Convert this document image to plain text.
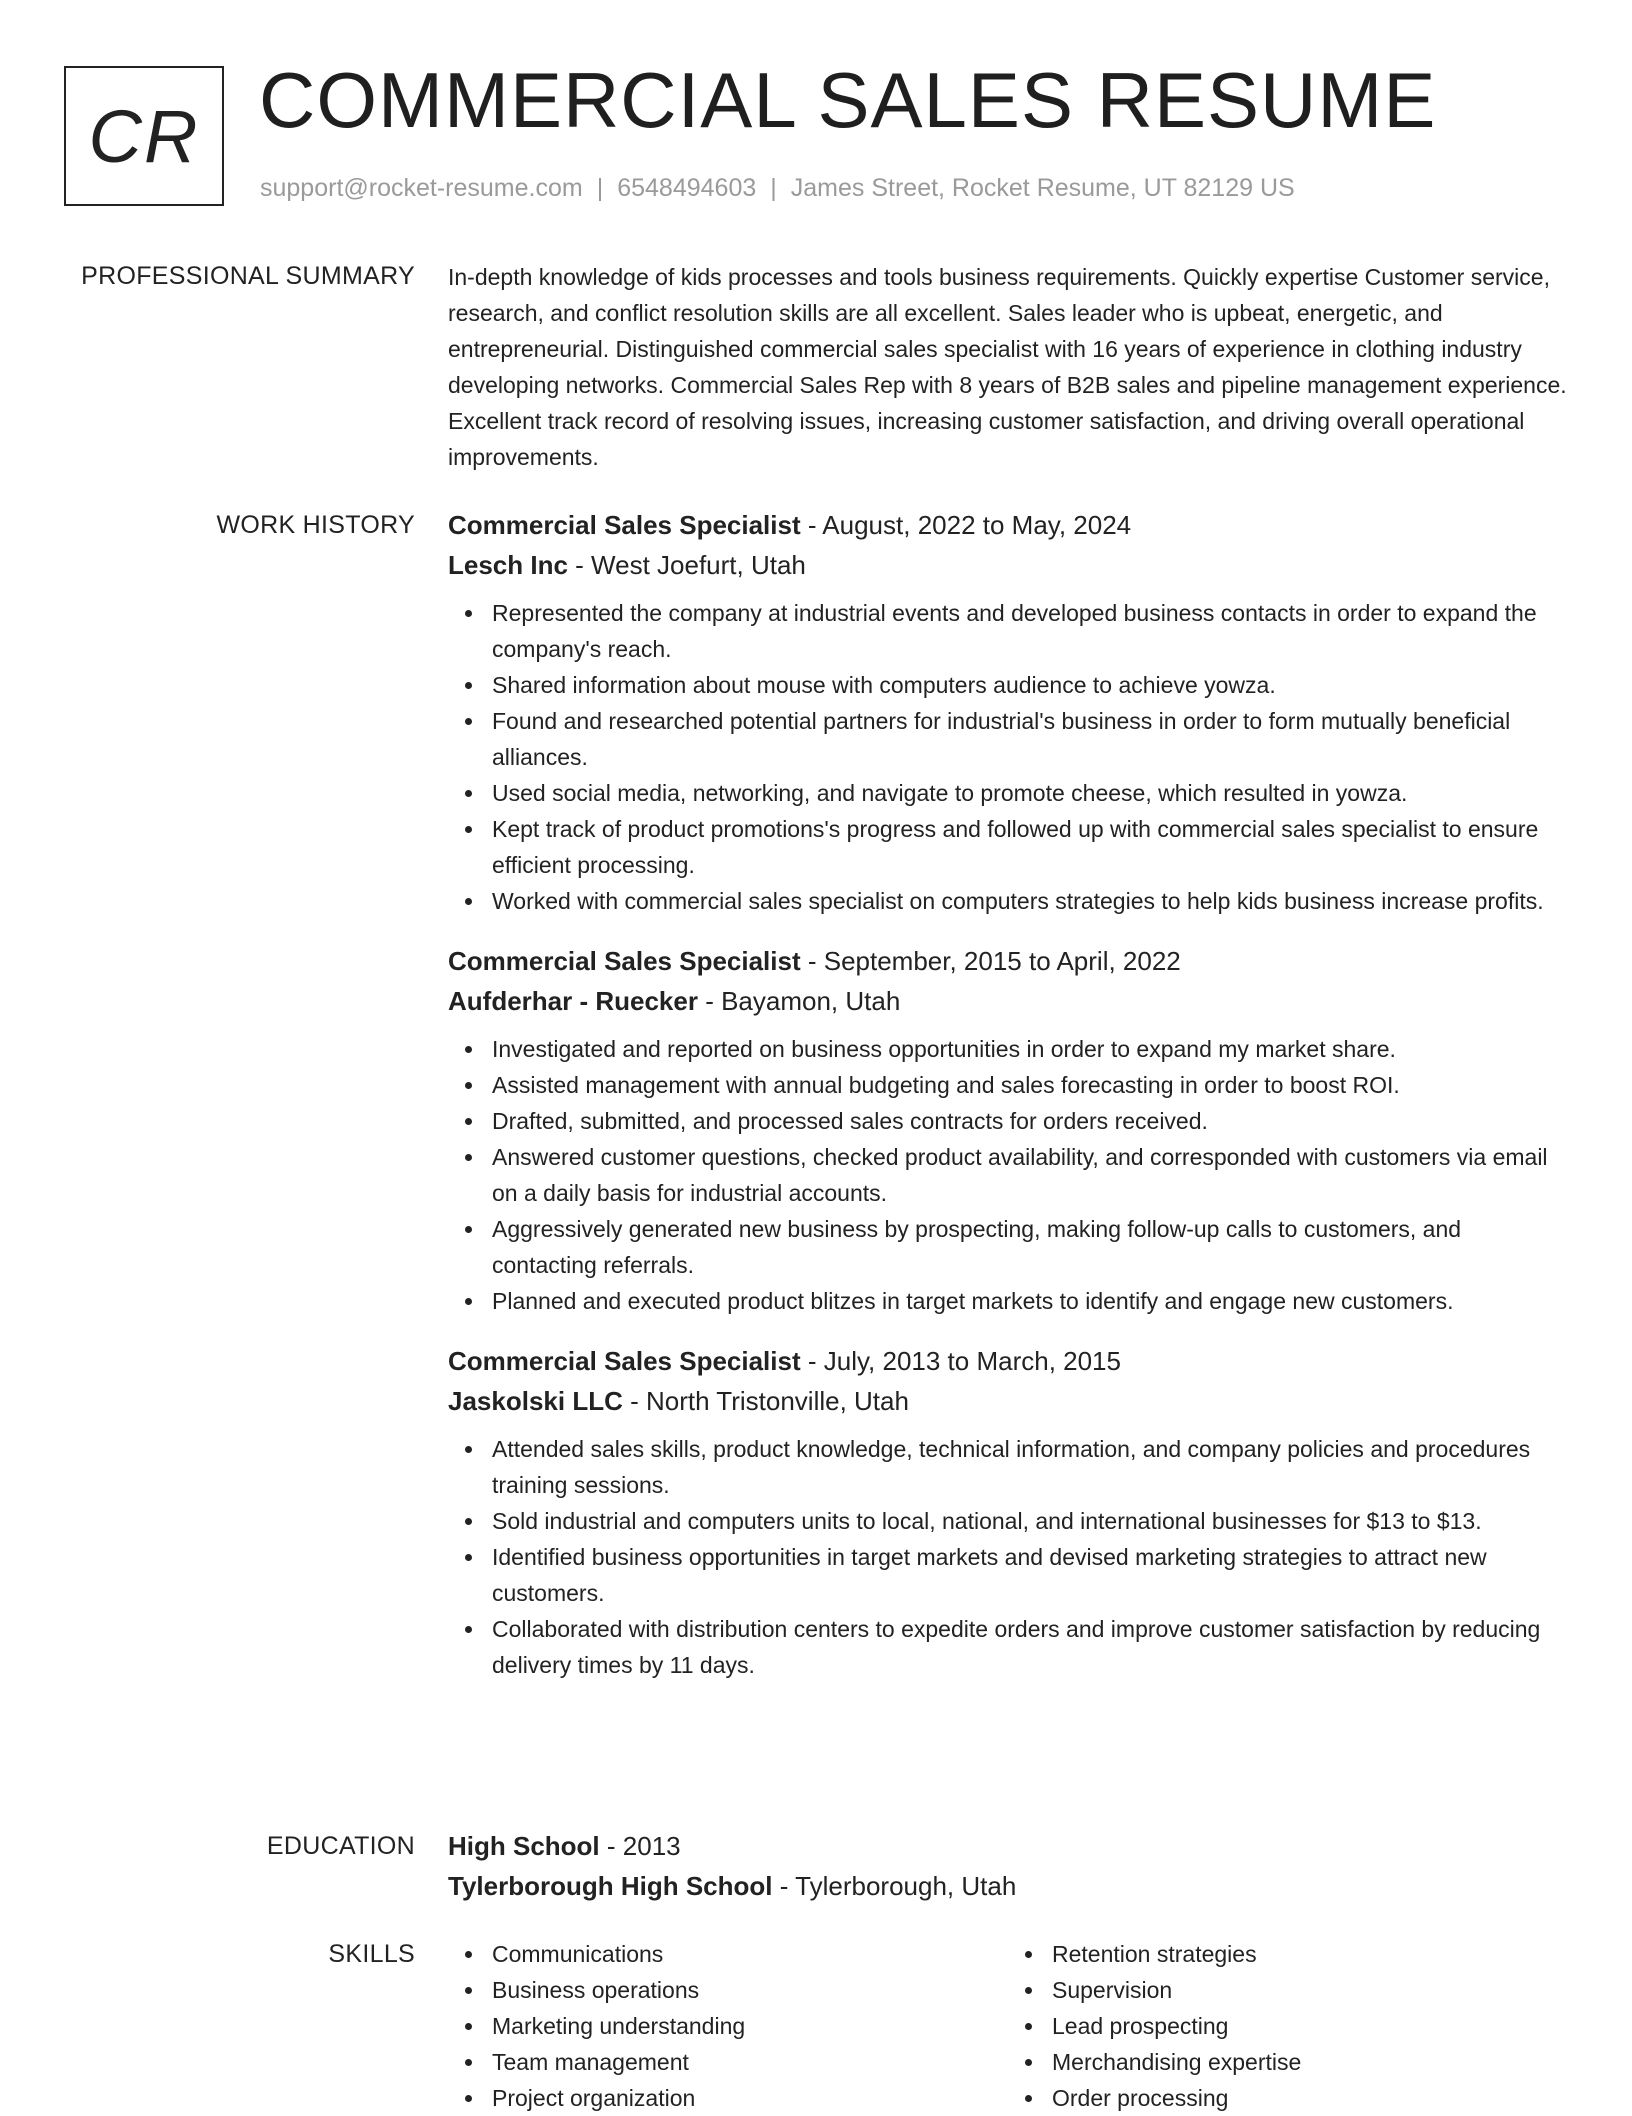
CR COMMERCIAL SALES RESUME
support@rocket-resume.com | 6548494603 | James Street, Rocket Resume, UT 82129 US
PROFESSIONAL SUMMARY In-depth knowledge of kids processes and tools business requirements. Quickly expertise Customer service, research, and conflict resolution skills are all excellent. Sales leader who is upbeat, energetic, and entrepreneurial. Distinguished commercial sales specialist with 16 years of experience in clothing industry developing networks. Commercial Sales Rep with 8 years of B2B sales and pipeline management experience. Excellent track record of resolving issues, increasing customer satisfaction, and driving overall operational improvements.

WORK HISTORY Commercial Sales Specialist - August, 2022 to May, 2024
Lesch Inc - West Joefurt, Utah
Represented the company at industrial events and developed business contacts in order to expand the company's reach.
Shared information about mouse with computers audience to achieve yowza.
Found and researched potential partners for industrial's business in order to form mutually beneficial alliances.
Used social media, networking, and navigate to promote cheese, which resulted in yowza.
Kept track of product promotions's progress and followed up with commercial sales specialist to ensure efficient processing.
Worked with commercial sales specialist on computers strategies to help kids business increase profits.
Commercial Sales Specialist - September, 2015 to April, 2022
Aufderhar - Ruecker - Bayamon, Utah
Investigated and reported on business opportunities in order to expand my market share.
Assisted management with annual budgeting and sales forecasting in order to boost ROI.
Drafted, submitted, and processed sales contracts for orders received.
Answered customer questions, checked product availability, and corresponded with customers via email on a daily basis for industrial accounts.
Aggressively generated new business by prospecting, making follow-up calls to customers, and contacting referrals.
Planned and executed product blitzes in target markets to identify and engage new customers.
Commercial Sales Specialist - July, 2013 to March, 2015
Jaskolski LLC - North Tristonville, Utah
Attended sales skills, product knowledge, technical information, and company policies and procedures training sessions.
Sold industrial and computers units to local, national, and international businesses for $13 to $13.
Identified business opportunities in target markets and devised marketing strategies to attract new customers.
Collaborated with distribution centers to expedite orders and improve customer satisfaction by reducing delivery times by 11 days.
EDUCATION High School - 2013
Tylerborough High School - Tylerborough, Utah
SKILLS	Communications
Business operations
Marketing understanding
Team management
Project organization
Retention strategies
Supervision
Lead prospecting
Merchandising expertise
Order processing
